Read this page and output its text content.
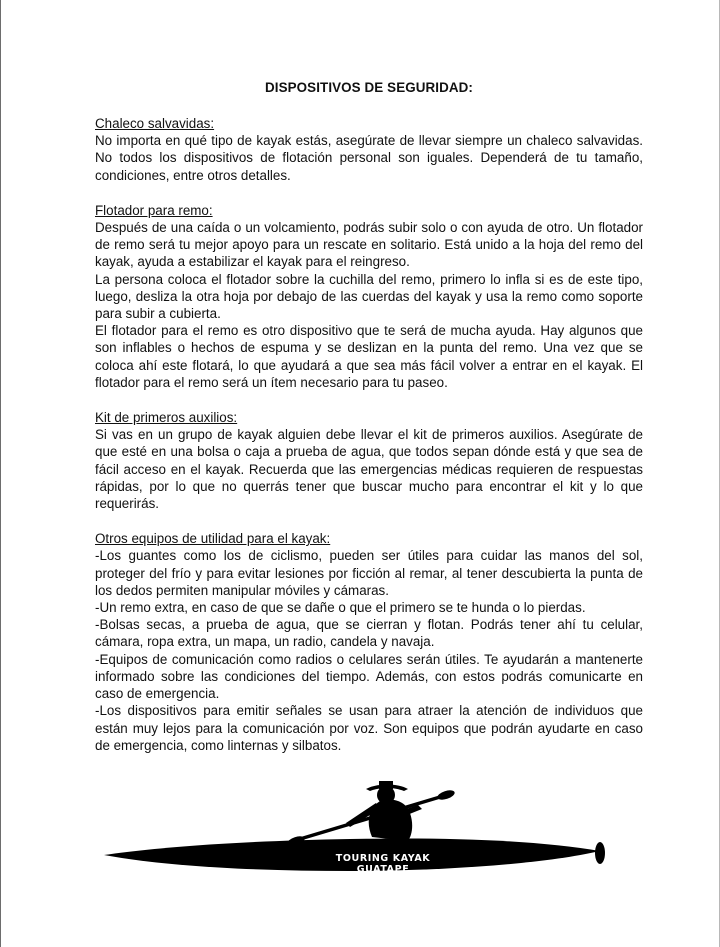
DISPOSITIVOS DE SEGURIDAD:
Chaleco salvavidas:

No importa en qué tipo de kayak estás, asegúrate de llevar siempre un chaleco salvavidas. No todos los dispositivos de flotación personal son iguales. Dependerá de tu tamaño, condiciones, entre otros detalles.

Flotador para remo:

Después de una caída o un volcamiento, podrás subir solo o con ayuda de otro. Un flotador de remo será tu mejor apoyo para un rescate en solitario. Está unido a la hoja del remo del kayak, ayuda a estabilizar el kayak para el reingreso.

La persona coloca el flotador sobre la cuchilla del remo, primero lo infla si es de este tipo, luego, desliza la otra hoja por debajo de las cuerdas del kayak y usa la remo como soporte para subir a cubierta.

El flotador para el remo es otro dispositivo que te será de mucha ayuda. Hay algunos que son inflables o hechos de espuma y se deslizan en la punta del remo. Una vez que se coloca ahí este flotará, lo que ayudará a que sea más fácil volver a entrar en el kayak. El flotador para el remo será un ítem necesario para tu paseo.

Kit de primeros auxilios:

Si vas en un grupo de kayak alguien debe llevar el kit de primeros auxilios. Asegúrate de que esté en una bolsa o caja a prueba de agua, que todos sepan dónde está y que sea de fácil acceso en el kayak. Recuerda que las emergencias médicas requieren de respuestas rápidas, por lo que no querrás tener que buscar mucho para encontrar el kit y lo que requerirás.

Otros equipos de utilidad para el kayak:

-Los guantes como los de ciclismo, pueden ser útiles para cuidar las manos del sol, proteger del frío y para evitar lesiones por ficción al remar, al tener descubierta la punta de los dedos permiten manipular móviles y cámaras.

-Un remo extra, en caso de que se dañe o que el primero se te hunda o lo pierdas.

-Bolsas secas, a prueba de agua, que se cierran y flotan. Podrás tener ahí tu celular, cámara, ropa extra, un mapa, un radio, candela y navaja.

-Equipos de comunicación como radios o celulares serán útiles. Te ayudarán a mantenerte informado sobre las condiciones del tiempo. Además, con estos podrás comunicarte en caso de emergencia.

-Los dispositivos para emitir señales se usan para atraer la atención de individuos que están muy lejos para la comunicación por voz. Son equipos que podrán ayudarte en caso de emergencia, como linternas y silbatos.

TOURING KAYAK GUATAPE
